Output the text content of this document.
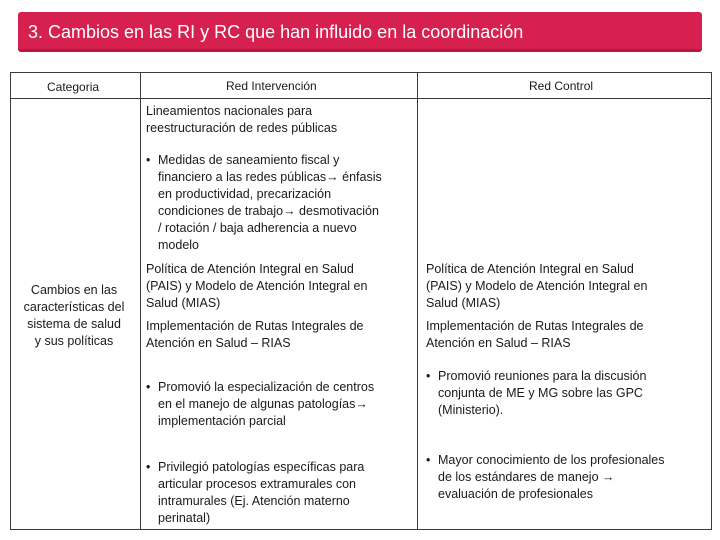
3. Cambios en las RI y RC que han influido en la coordinación
Categoria	Red Intervención	Red Control
Cambios en las
características del
sistema de salud
y sus políticas
Lineamientos nacionales para
reestructuración de redes públicas
• Medidas de saneamiento fiscal y
financiero a las redes públicas→ énfasis
en productividad, precarización
condiciones de trabajo→ desmotivación
/ rotación / baja adherencia a nuevo
modelo
Política de Atención Integral en Salud
(PAIS) y Modelo de Atención Integral en
Salud (MIAS)
Implementación de Rutas Integrales de
Atención en Salud – RIAS
• Promovió la especialización de centros
en el manejo de algunas patologías→
implementación parcial
• Privilegió patologías específicas para
articular procesos extramurales con
intramurales (Ej. Atención materno
perinatal)
Política de Atención Integral en Salud
(PAIS) y Modelo de Atención Integral en
Salud (MIAS)
Implementación de Rutas Integrales de
Atención en Salud – RIAS
• Promovió reuniones para la discusión
conjunta de ME y MG sobre las GPC
(Ministerio).
• Mayor conocimiento de los profesionales
de los estándares de manejo →
evaluación de profesionales
